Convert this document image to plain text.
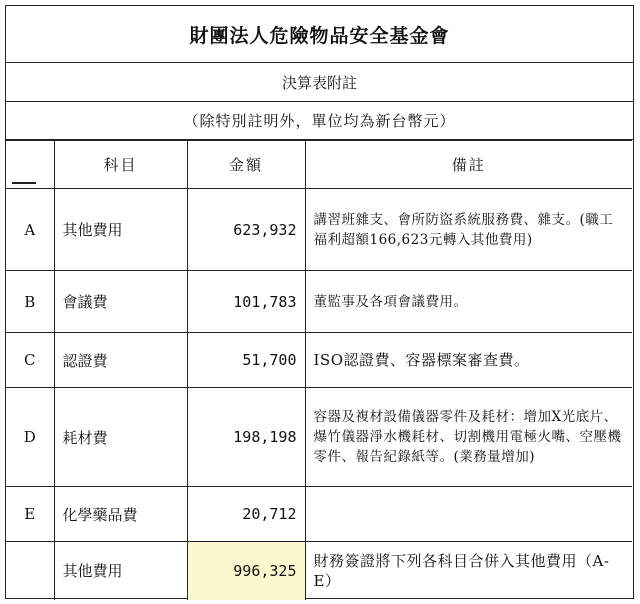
財團法人危險物品安全基金會
決算表附註
（除特別註明外，單位均為新台幣元）
	科目	金額	備註
A	其他費用	623,932	講習班雜支、會所防盜系統服務費、雜支。(職工福利超額166,623元轉入其他費用)
B	會議費	101,783	董監事及各項會議費用。
C	認證費	51,700	ISO認證費、容器標案審查費。
D	耗材費	198,198	容器及複材設備儀器零件及耗材：增加X光底片、爆竹儀器淨水機耗材、切割機用電極火嘴、空壓機零件、報告紀錄紙等。(業務量增加)
E	化學藥品費	20,712	
	其他費用	996,325	財務簽證將下列各科目合併入其他費用（A-E）
